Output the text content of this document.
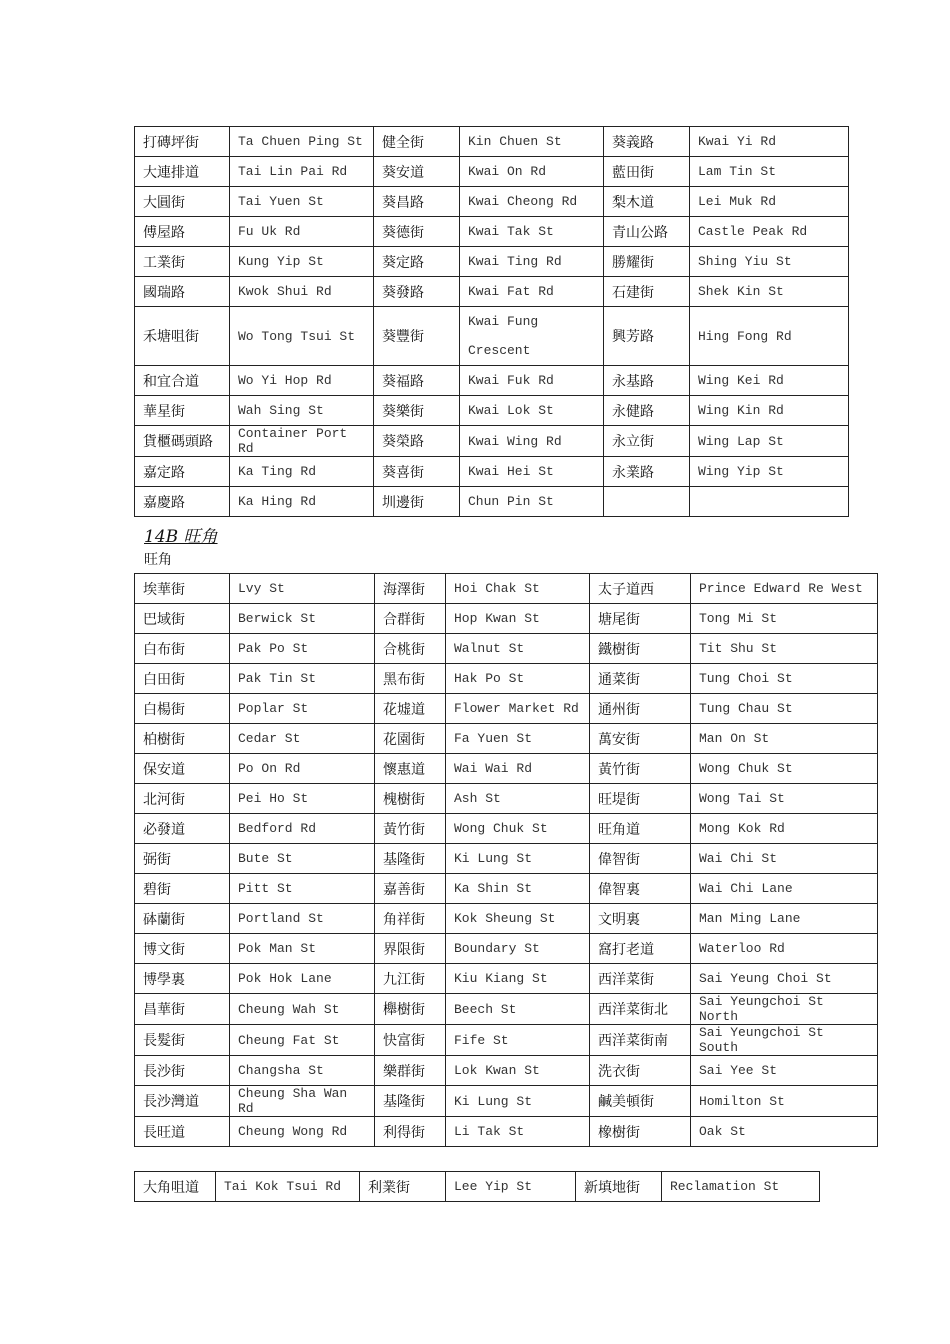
打磚坪街	Ta Chuen Ping St	健全街	Kin Chuen St	葵義路	Kwai Yi Rd
大連排道	Tai Lin Pai Rd	葵安道	Kwai On Rd	藍田街	Lam Tin St
大圓街	Tai Yuen St	葵昌路	Kwai Cheong Rd	梨木道	Lei Muk Rd
傅屋路	Fu Uk Rd	葵德街	Kwai Tak St	青山公路	Castle Peak Rd
工業街	Kung Yip St	葵定路	Kwai Ting Rd	勝耀街	Shing Yiu St
國瑞路	Kwok Shui Rd	葵發路	Kwai Fat Rd	石建街	Shek Kin St
禾塘咀街	Wo Tong Tsui St	葵豐街	Kwai Fung Crescent	興芳路	Hing Fong Rd
和宜合道	Wo Yi Hop Rd	葵福路	Kwai Fuk Rd	永基路	Wing Kei Rd
華星街	Wah Sing St	葵樂街	Kwai Lok St	永健路	Wing Kin Rd
貨櫃碼頭路	Container Port Rd	葵榮路	Kwai Wing Rd	永立街	Wing Lap St
嘉定路	Ka Ting Rd	葵喜街	Kwai Hei St	永業路	Wing Yip St
嘉慶路	Ka Hing Rd	圳邊街	Chun Pin St		
14B 旺角
旺角
埃華街	Lvy St	海澤街	Hoi Chak St	太子道西	Prince Edward Re West
巴域街	Berwick St	合群街	Hop Kwan St	塘尾街	Tong Mi St
白布街	Pak Po St	合桃街	Walnut St	鐵樹街	Tit Shu St
白田街	Pak Tin St	黑布街	Hak Po St	通菜街	Tung Choi St
白楊街	Poplar St	花墟道	Flower Market Rd	通州街	Tung Chau St
柏樹街	Cedar St	花園街	Fa Yuen St	萬安街	Man On St
保安道	Po On Rd	懷惠道	Wai Wai Rd	黃竹街	Wong Chuk St
北河街	Pei Ho St	槐樹街	Ash St	旺堤街	Wong Tai St
必發道	Bedford Rd	黃竹街	Wong Chuk St	旺角道	Mong Kok Rd
弼街	Bute St	基隆街	Ki Lung St	偉智街	Wai Chi St
碧街	Pitt St	嘉善街	Ka Shin St	偉智裏	Wai Chi Lane
砵蘭街	Portland St	角祥街	Kok Sheung St	文明裏	Man Ming Lane
博文街	Pok Man St	界限街	Boundary St	窩打老道	Waterloo Rd
博學裏	Pok Hok Lane	九江街	Kiu Kiang St	西洋菜街	Sai Yeung Choi St
昌華街	Cheung Wah St	櫸樹街	Beech St	西洋菜街北	Sai Yeungchoi St North
長髮街	Cheung Fat St	快富街	Fife St	西洋菜街南	Sai Yeungchoi St South
長沙街	Changsha St	樂群街	Lok Kwan St	洗衣街	Sai Yee St
長沙灣道	Cheung Sha Wan Rd	基隆街	Ki Lung St	鹹美頓街	Homilton St
長旺道	Cheung Wong Rd	利得街	Li Tak St	橡樹街	Oak St
大角咀道	Tai Kok Tsui Rd	利業街	Lee Yip St	新填地街	Reclamation St
